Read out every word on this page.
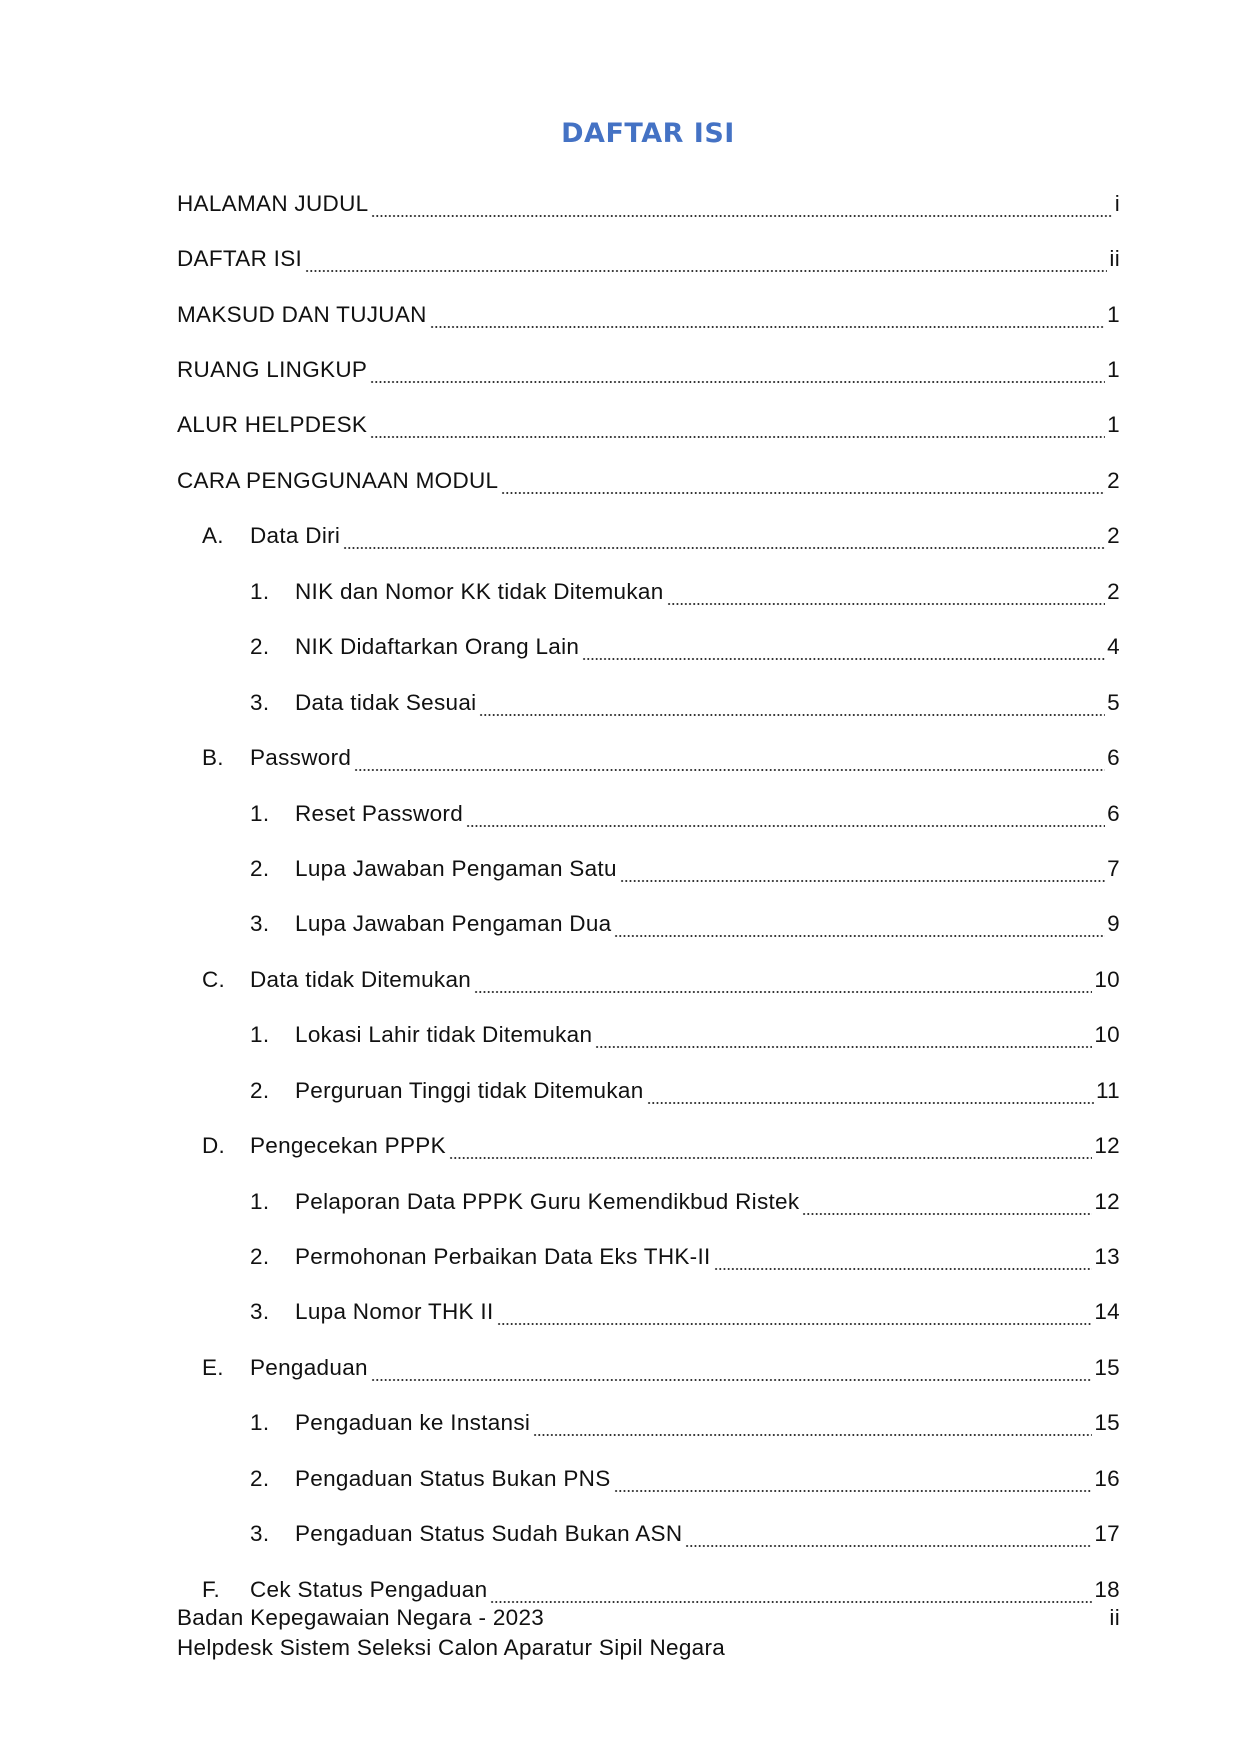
DAFTAR ISI
HALAMAN JUDUL	i
DAFTAR ISI	ii
MAKSUD DAN TUJUAN	1
RUANG LINGKUP	1
ALUR HELPDESK	1
CARA PENGGUNAAN MODUL	2
A. Data Diri	2
1. NIK dan Nomor KK tidak Ditemukan	2
2. NIK Didaftarkan Orang Lain	4
3. Data tidak Sesuai	5
B. Password	6
1. Reset Password	6
2. Lupa Jawaban Pengaman Satu	7
3. Lupa Jawaban Pengaman Dua	9
C. Data tidak Ditemukan	10
1. Lokasi Lahir tidak Ditemukan	10
2. Perguruan Tinggi tidak Ditemukan	11
D. Pengecekan PPPK	12
1. Pelaporan Data PPPK Guru Kemendikbud Ristek	12
2. Permohonan Perbaikan Data Eks THK-II	13
3. Lupa Nomor THK II	14
E. Pengaduan	15
1. Pengaduan ke Instansi	15
2. Pengaduan Status Bukan PNS	16
3. Pengaduan Status Sudah Bukan ASN	17
F. Cek Status Pengaduan	18
Badan Kepegawaian Negara - 2023	ii
Helpdesk Sistem Seleksi Calon Aparatur Sipil Negara
